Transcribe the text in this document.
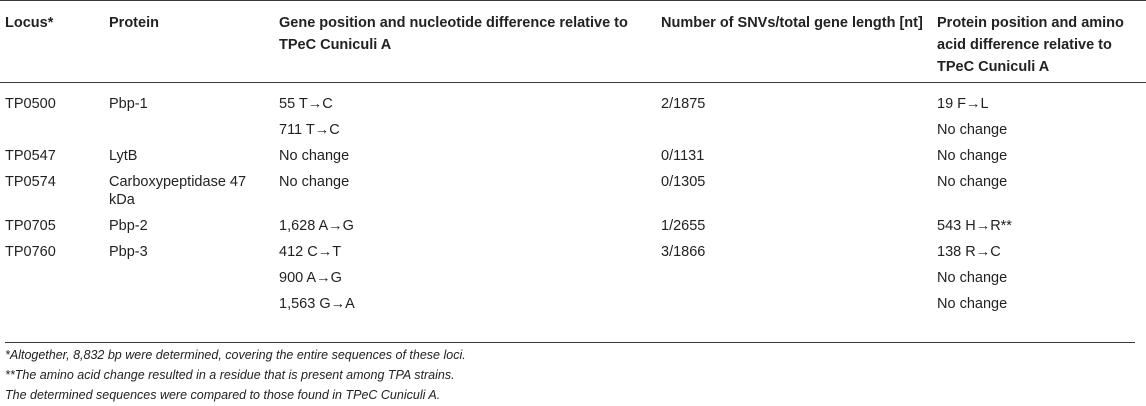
Locus*	Protein	Gene position and nucleotide difference relative to TPeC Cuniculi A	Number of SNVs/total gene length [nt]	Protein position and amino acid difference relative to TPeC Cuniculi A
TP0500	Pbp-1	55 T→C	2/1875	19 F→L
		711 T→C		No change
TP0547	LytB	No change	0/1131	No change
TP0574	Carboxypeptidase 47 kDa	No change	0/1305	No change
TP0705	Pbp-2	1,628 A→G	1/2655	543 H→R**
TP0760	Pbp-3	412 C→T	3/1866	138 R→C
		900 A→G		No change
		1,563 G→A		No change
*Altogether, 8,832 bp were determined, covering the entire sequences of these loci.
**The amino acid change resulted in a residue that is present among TPA strains.
The determined sequences were compared to those found in TPeC Cuniculi A.
